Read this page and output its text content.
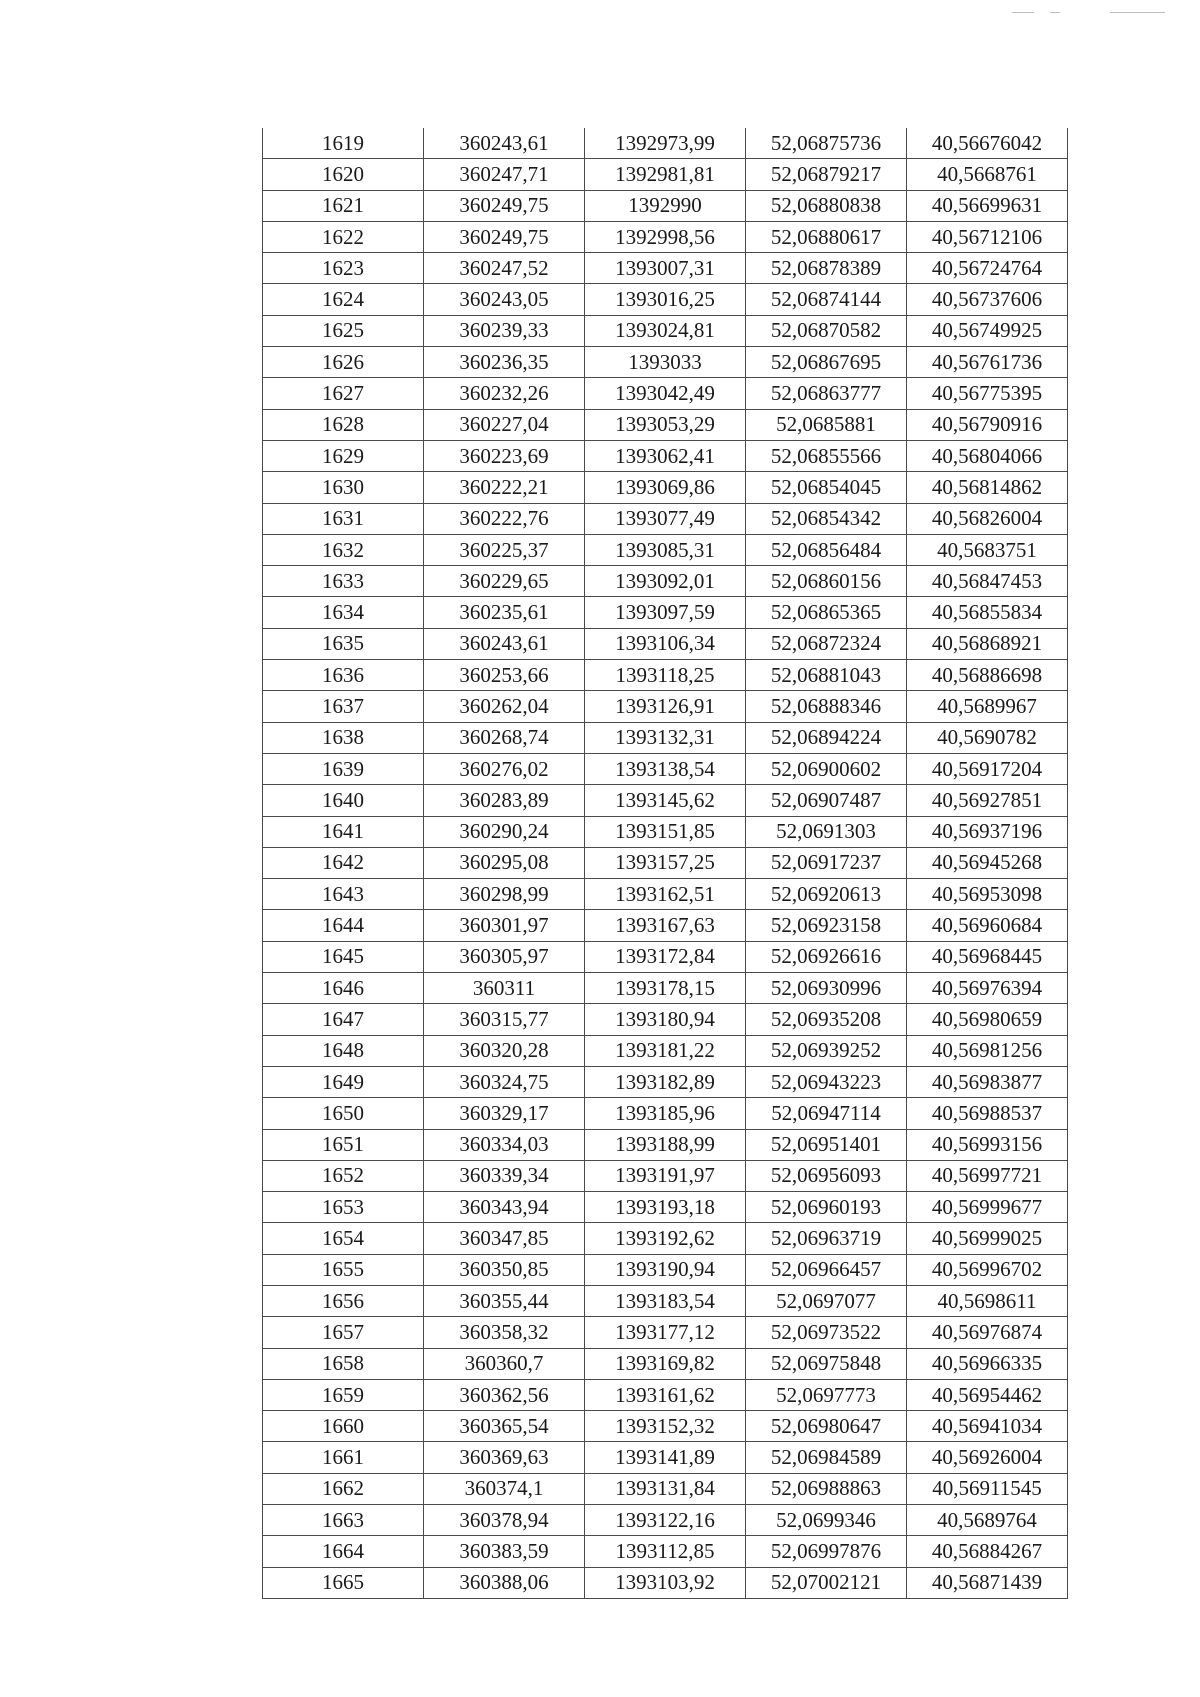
1619	360243,61	1392973,99	52,06875736	40,56676042
1620	360247,71	1392981,81	52,06879217	40,5668761
1621	360249,75	1392990	52,06880838	40,56699631
1622	360249,75	1392998,56	52,06880617	40,56712106
1623	360247,52	1393007,31	52,06878389	40,56724764
1624	360243,05	1393016,25	52,06874144	40,56737606
1625	360239,33	1393024,81	52,06870582	40,56749925
1626	360236,35	1393033	52,06867695	40,56761736
1627	360232,26	1393042,49	52,06863777	40,56775395
1628	360227,04	1393053,29	52,0685881	40,56790916
1629	360223,69	1393062,41	52,06855566	40,56804066
1630	360222,21	1393069,86	52,06854045	40,56814862
1631	360222,76	1393077,49	52,06854342	40,56826004
1632	360225,37	1393085,31	52,06856484	40,5683751
1633	360229,65	1393092,01	52,06860156	40,56847453
1634	360235,61	1393097,59	52,06865365	40,56855834
1635	360243,61	1393106,34	52,06872324	40,56868921
1636	360253,66	1393118,25	52,06881043	40,56886698
1637	360262,04	1393126,91	52,06888346	40,5689967
1638	360268,74	1393132,31	52,06894224	40,5690782
1639	360276,02	1393138,54	52,06900602	40,56917204
1640	360283,89	1393145,62	52,06907487	40,56927851
1641	360290,24	1393151,85	52,0691303	40,56937196
1642	360295,08	1393157,25	52,06917237	40,56945268
1643	360298,99	1393162,51	52,06920613	40,56953098
1644	360301,97	1393167,63	52,06923158	40,56960684
1645	360305,97	1393172,84	52,06926616	40,56968445
1646	360311	1393178,15	52,06930996	40,56976394
1647	360315,77	1393180,94	52,06935208	40,56980659
1648	360320,28	1393181,22	52,06939252	40,56981256
1649	360324,75	1393182,89	52,06943223	40,56983877
1650	360329,17	1393185,96	52,06947114	40,56988537
1651	360334,03	1393188,99	52,06951401	40,56993156
1652	360339,34	1393191,97	52,06956093	40,56997721
1653	360343,94	1393193,18	52,06960193	40,56999677
1654	360347,85	1393192,62	52,06963719	40,56999025
1655	360350,85	1393190,94	52,06966457	40,56996702
1656	360355,44	1393183,54	52,0697077	40,5698611
1657	360358,32	1393177,12	52,06973522	40,56976874
1658	360360,7	1393169,82	52,06975848	40,56966335
1659	360362,56	1393161,62	52,0697773	40,56954462
1660	360365,54	1393152,32	52,06980647	40,56941034
1661	360369,63	1393141,89	52,06984589	40,56926004
1662	360374,1	1393131,84	52,06988863	40,56911545
1663	360378,94	1393122,16	52,0699346	40,5689764
1664	360383,59	1393112,85	52,06997876	40,56884267
1665	360388,06	1393103,92	52,07002121	40,56871439
